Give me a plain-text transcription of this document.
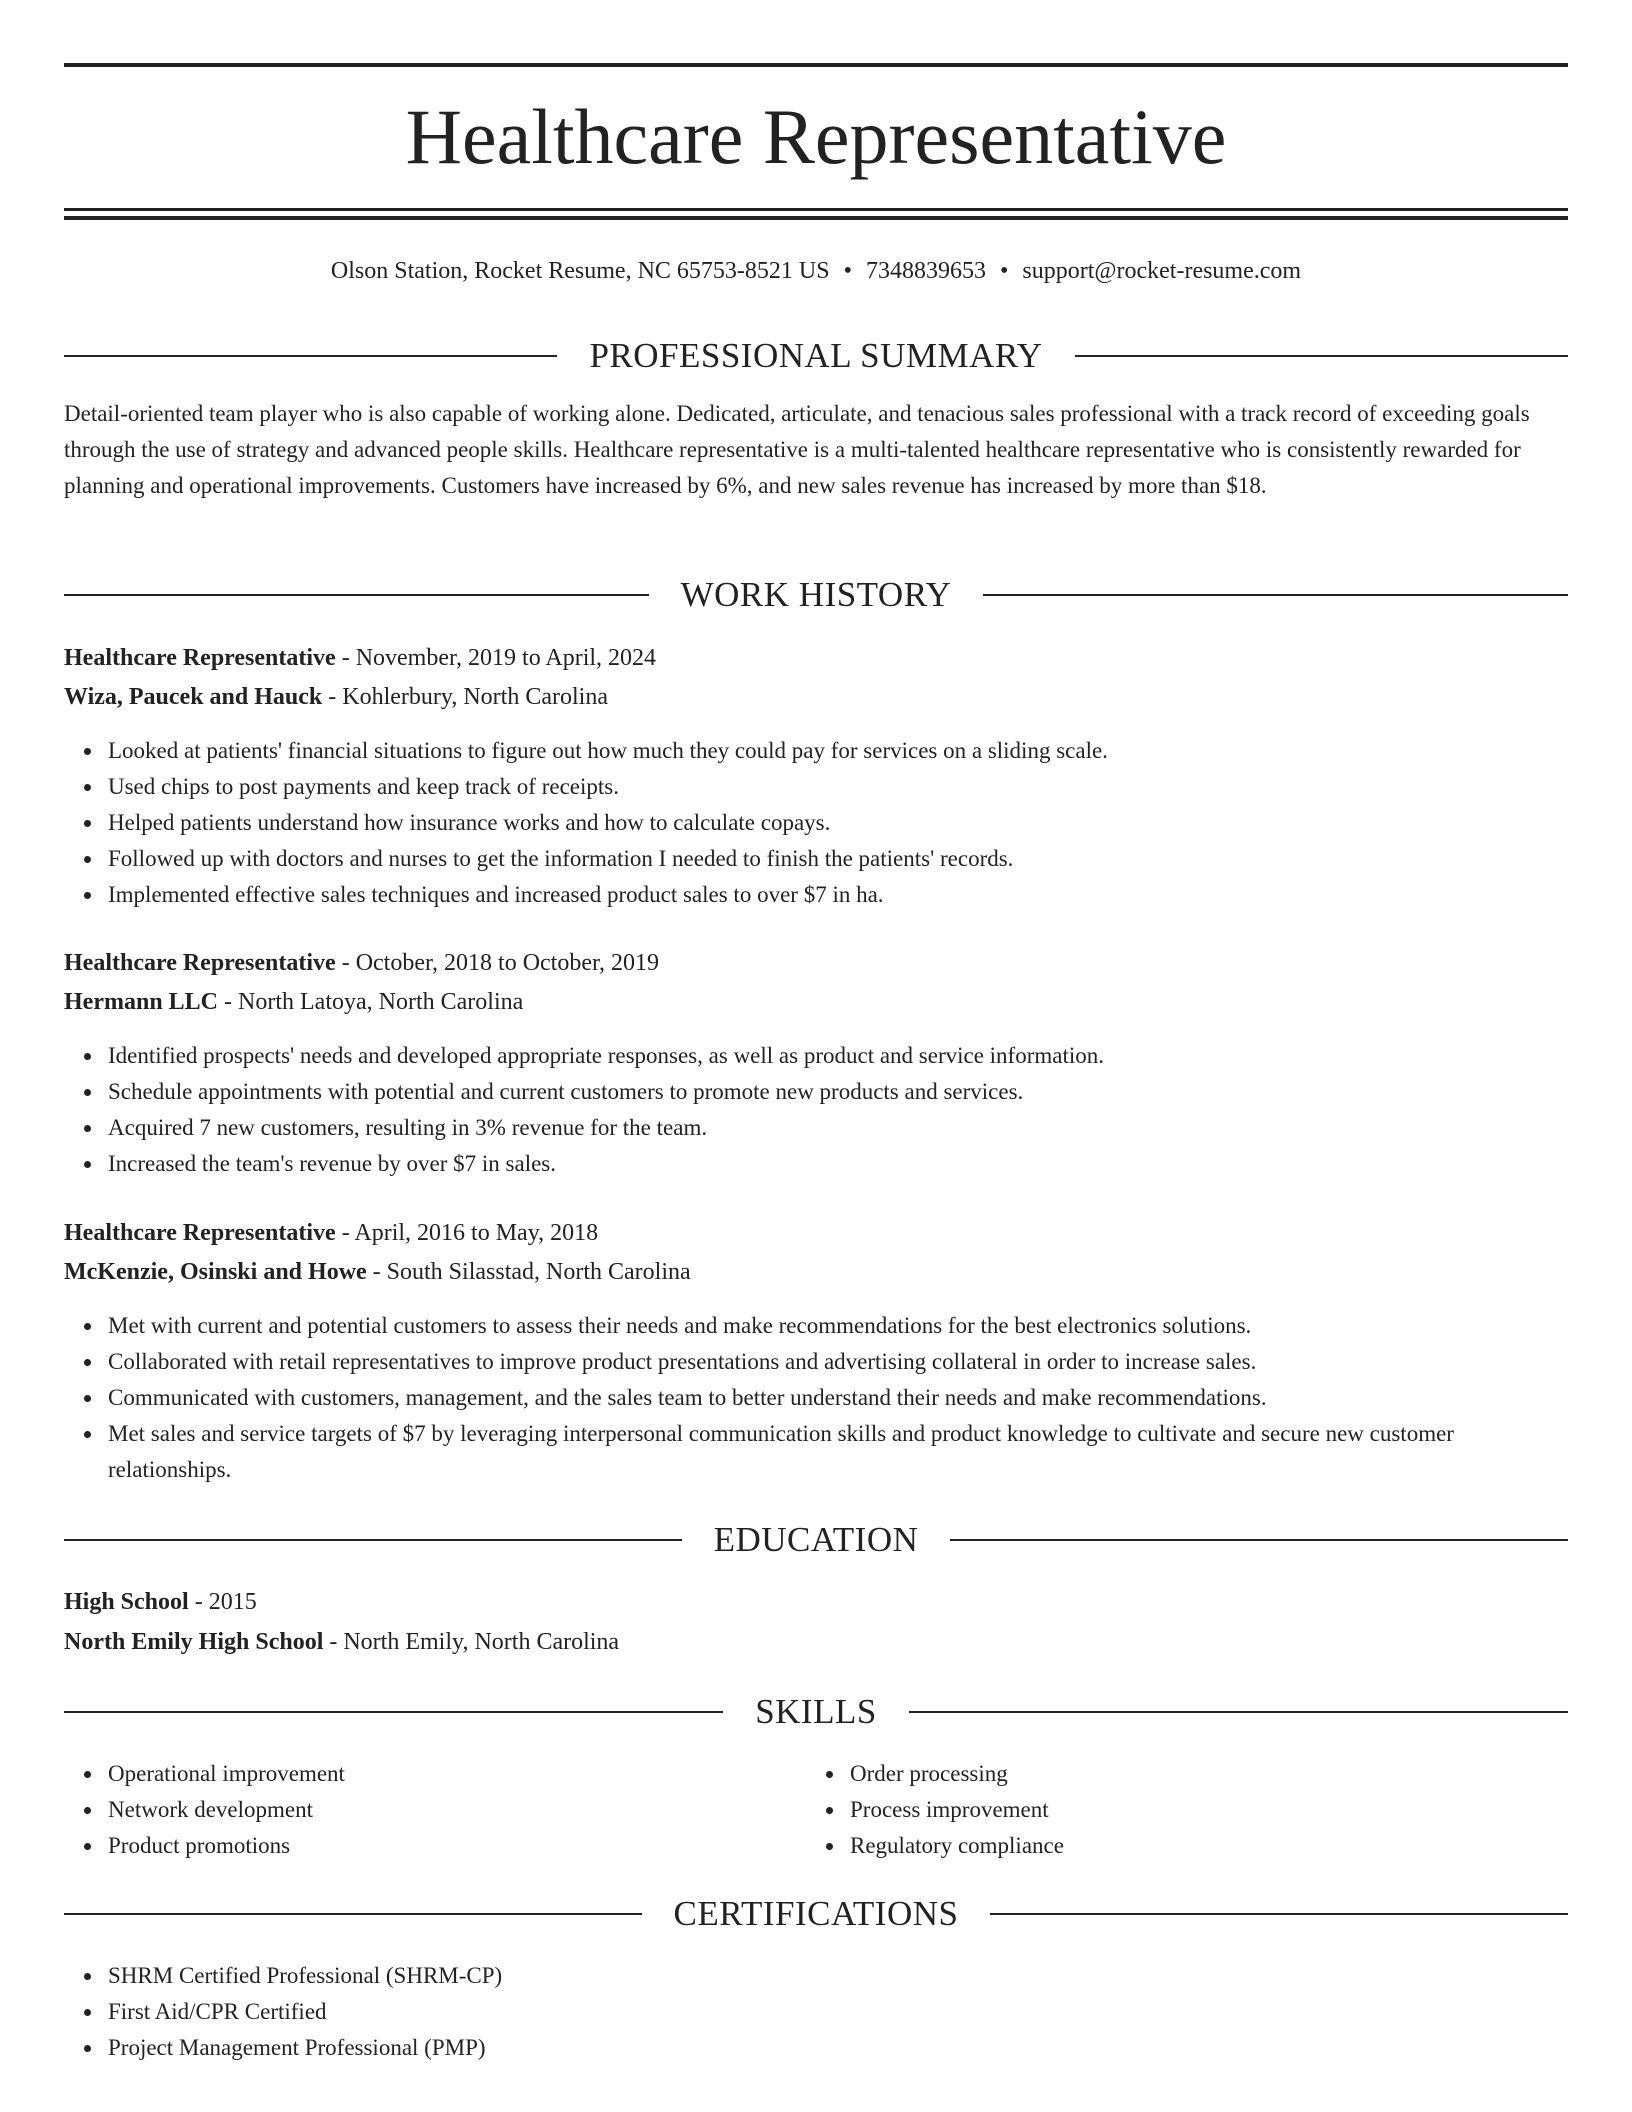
Healthcare Representative
Olson Station, Rocket Resume, NC 65753-8521 US • 7348839653 • support@rocket-resume.com
PROFESSIONAL SUMMARY
Detail-oriented team player who is also capable of working alone. Dedicated, articulate, and tenacious sales professional with a track record of exceeding goals through the use of strategy and advanced people skills. Healthcare representative is a multi-talented healthcare representative who is consistently rewarded for planning and operational improvements. Customers have increased by 6%, and new sales revenue has increased by more than $18.
WORK HISTORY
Healthcare Representative - November, 2019 to April, 2024
Wiza, Paucek and Hauck - Kohlerbury, North Carolina
Looked at patients' financial situations to figure out how much they could pay for services on a sliding scale.
Used chips to post payments and keep track of receipts.
Helped patients understand how insurance works and how to calculate copays.
Followed up with doctors and nurses to get the information I needed to finish the patients' records.
Implemented effective sales techniques and increased product sales to over $7 in ha.
Healthcare Representative - October, 2018 to October, 2019
Hermann LLC - North Latoya, North Carolina
Identified prospects' needs and developed appropriate responses, as well as product and service information.
Schedule appointments with potential and current customers to promote new products and services.
Acquired 7 new customers, resulting in 3% revenue for the team.
Increased the team's revenue by over $7 in sales.
Healthcare Representative - April, 2016 to May, 2018
McKenzie, Osinski and Howe - South Silasstad, North Carolina
Met with current and potential customers to assess their needs and make recommendations for the best electronics solutions.
Collaborated with retail representatives to improve product presentations and advertising collateral in order to increase sales.
Communicated with customers, management, and the sales team to better understand their needs and make recommendations.
Met sales and service targets of $7 by leveraging interpersonal communication skills and product knowledge to cultivate and secure new customer relationships.
EDUCATION
High School - 2015
North Emily High School - North Emily, North Carolina
SKILLS
Operational improvement
Network development
Product promotions
Order processing
Process improvement
Regulatory compliance
CERTIFICATIONS
SHRM Certified Professional (SHRM-CP)
First Aid/CPR Certified
Project Management Professional (PMP)
